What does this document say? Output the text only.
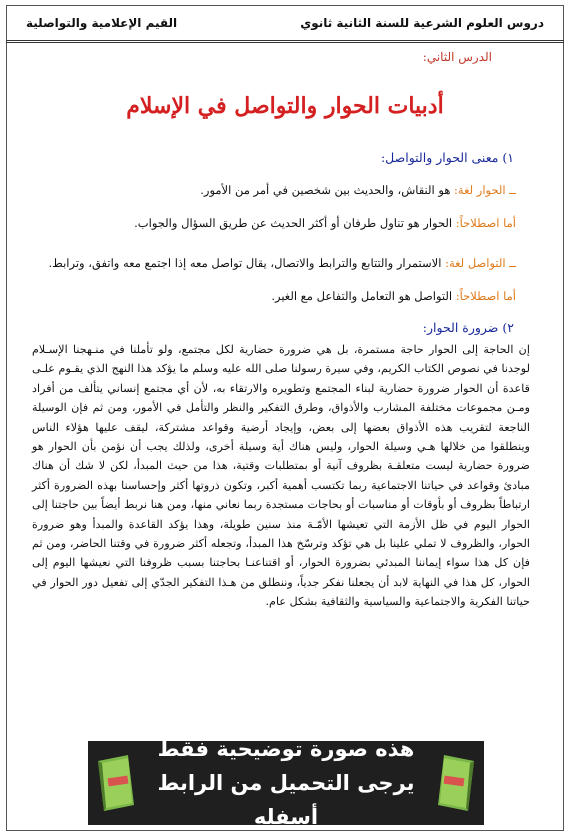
دروس العلوم الشرعية للسنة الثانية ثانوي
القيم الإعلامية والتواصلية
الدرس الثاني:
أدبيات الحوار والتواصل في الإسلام
١) معنى الحوار والتواصل:
ــ الحوار لغة: هو النقاش، والحديث بين شخصين في أمر من الأمور.
أما اصطلاحاً: الحوار هو تناول طرفان أو أكثر الحديث عن طريق السؤال والجواب.
ــ التواصل لغة: الاستمرار والتتابع والترابط والاتصال، يقال تواصل معه إذا اجتمع معه واتفق، وترابط.
أما اصطلاحاً: التواصل هو التعامل والتفاعل مع الغير.
٢) ضرورة الحوار:
إن الحاجة إلى الحوار حاجة مستمرة، بل هي ضرورة حضارية لكل مجتمع، ولو تأملنا في منـهجنا الإسـلام لوجدنا في نصوص الكتاب الكريم، وفي سيرة رسولنا صلى الله عليه وسلم ما يؤكد هذا النهج الذي يقـوم علـى قاعدة أن الحوار ضرورة حضارية لبناء المجتمع وتطويره والارتقاء به، لأن أي مجتمع إنساني يتألف من أفراد ومـن مجموعات مختلفة المشارب والأذواق، وطرق التفكير والنظر والتأمل في الأمور، ومن ثم فإن الوسيلة الناجعة لتقريب هذه الأذواق بعضها إلى بعض، وإيجاد أرضية وقواعد مشتركة، ليقف عليها هؤلاء الناس وينطلقوا من خلالها هـي وسيلة الحوار، وليس هناك أية وسيلة أخرى، ولذلك يجب أن نؤمن بأن الحوار هو ضرورة حضارية ليست متعلقـة بظروف آنية أو بمتطلبات وقتية، هذا من حيث المبدأ، لكن لا شك أن هناك مبادئ وقواعد في حياتنا الاجتماعية ربما تكتسب أهمية أكبر، وتكون ذروتها أكثر وإحساسنا بهذه الضرورة أكثر ارتباطاً بظروف أو بأوقات أو مناسبات أو بحاجات مستجدة ربما نعاني منها، ومن هنا نربط أيضاً بين حاجتنا إلى الحوار اليوم في ظل الأزمة التي تعيشها الأمّـة منذ سنين طويلة، وهذا يؤكد القاعدة والمبدأ وهو ضرورة الحوار، والظروف لا تملي علينا بل هي تؤكد وترسّخ هذا المبدأ، وتجعله أكثر ضرورة في وقتنا الحاضر، ومن ثم فإن كل هذا سواء إيماننا المبدئي بضرورة الحوار، أو اقتناعنـا بحاجتنا بسبب ظروفنا التي نعيشها اليوم إلى الحوار، كل هذا في النهاية لابد أن يجعلنا نفكر جدياً، وننطلق من هـذا التفكير الجدّي إلى تفعيل دور الحوار في حياتنا الفكرية والاجتماعية والسياسية والثقافية بشكل عام.
هذه صورة توضيحية فقط
يرجى التحميل من الرابط أسفله
